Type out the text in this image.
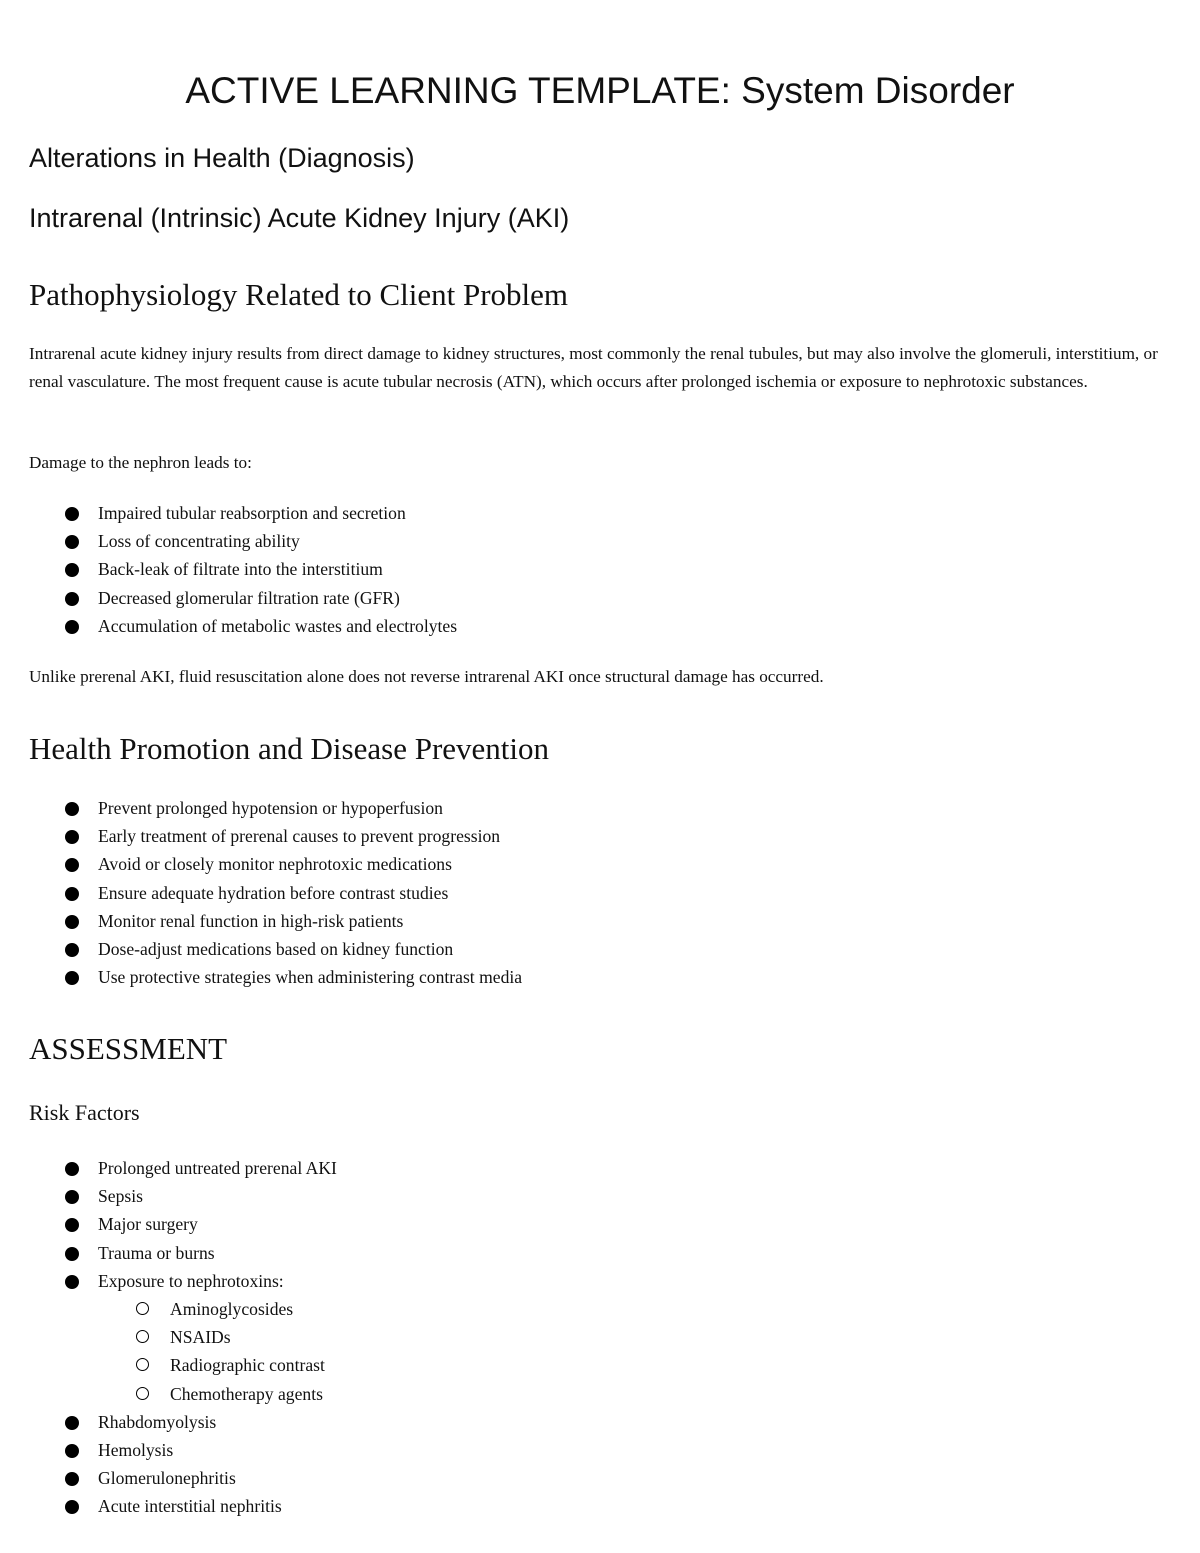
ACTIVE LEARNING TEMPLATE: System Disorder
Alterations in Health (Diagnosis)
Intrarenal (Intrinsic) Acute Kidney Injury (AKI)
Pathophysiology Related to Client Problem

Intrarenal acute kidney injury results from direct damage to kidney structures, most commonly the renal tubules, but may also involve the glomeruli, interstitium, or renal vasculature. The most frequent cause is acute tubular necrosis (ATN), which occurs after prolonged ischemia or exposure to nephrotoxic substances.

Damage to the nephron leads to:

Impaired tubular reabsorption and secretion
Loss of concentrating ability
Back-leak of filtrate into the interstitium
Decreased glomerular filtration rate (GFR)
Accumulation of metabolic wastes and electrolytes

Unlike prerenal AKI, fluid resuscitation alone does not reverse intrarenal AKI once structural damage has occurred.

Health Promotion and Disease Prevention
Prevent prolonged hypotension or hypoperfusion
Early treatment of prerenal causes to prevent progression
Avoid or closely monitor nephrotoxic medications
Ensure adequate hydration before contrast studies
Monitor renal function in high-risk patients
Dose-adjust medications based on kidney function
Use protective strategies when administering contrast media
ASSESSMENT
Risk Factors
Prolonged untreated prerenal AKI
Sepsis
Major surgery
Trauma or burns
Exposure to nephrotoxins:
Aminoglycosides
NSAIDs
Radiographic contrast
Chemotherapy agents
Rhabdomyolysis
Hemolysis
Glomerulonephritis
Acute interstitial nephritis
